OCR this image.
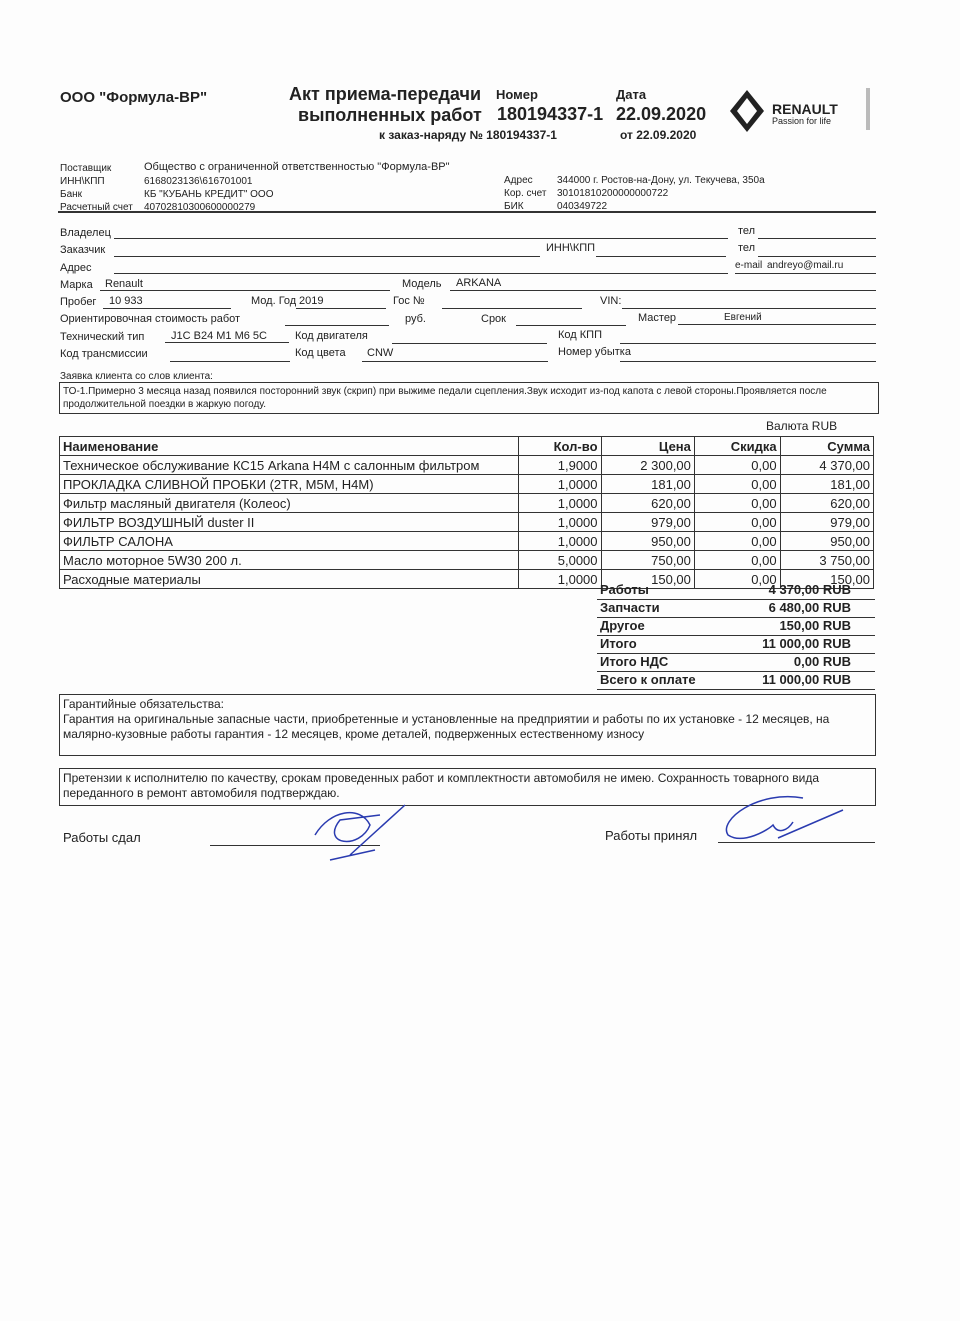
ООО "Формула-ВР"	Акт приема-передачи
выполненных работ
Номер
180194337-1
Дата
22.09.2020
к заказ-наряду № 180194337-1	от 22.09.2020
RENAULT
Passion for life
Поставщик	Общество с ограниченной ответственностью "Формула-ВР"
ИНН\КПП	6168023136\616701001
Банк	КБ "КУБАНЬ КРЕДИТ" ООО
Расчетный счет 40702810300600000279
Адрес 344000 г. Ростов-на-Дону, ул. Текучева, 350а
Кор. счет 30101810200000000722
БИК	040349722
Владелец	тел
Заказчик	ИНН\КПП	тел
Адрес	e-mail andreyo@mail.ru
Марка Renault	Модель ARKANA
Пробег 10 933	Мод. Год 2019	Гос №	VIN:
Ориентировочная стоимость работ	руб.	Срок	Мастер	Евгений
Технический тип J1C B24 M1 M6 5C	Код двигателя	Код КПП
Код трансмиссии	Код цвета CNW	Номер убытка
Заявка клиента со слов клиента:
ТО-1.Примерно 3 месяца назад появился посторонний звук (скрип) при выжиме педали сцепления.Звук исходит из-под капота с левой стороны.Проявляется после продолжительной поездки в жаркую погоду.
Валюта RUB
Наименование	Кол-во	Цена	Скидка	Сумма
Техническое обслуживание КС15 Arkana H4M с салонным фильтром	1,9000	2 300,00	0,00	4 370,00
ПРОКЛАДКА СЛИВНОЙ ПРОБКИ (2TR, M5M, H4M)	1,0000	181,00	0,00	181,00
Фильтр масляный двигателя (Колеос)	1,0000	620,00	0,00	620,00
ФИЛЬТР ВОЗДУШНЫЙ duster II	1,0000	979,00	0,00	979,00
ФИЛЬТР САЛОНА	1,0000	950,00	0,00	950,00
Масло моторное 5W30 200 л.	5,0000	750,00	0,00	3 750,00
Расходные материалы	1,0000	150,00	0,00	150,00
Работы	4 370,00 RUB
Запчасти	6 480,00 RUB
Другое	150,00 RUB
Итого	11 000,00 RUB
Итого НДС	0,00 RUB
Всего к оплате	11 000,00 RUB
Гарантийные обязательства:
Гарантия на оригинальные запасные части, приобретенные и установленные на предприятии и работы по их установке - 12 месяцев, на малярно-кузовные работы гарантия - 12 месяцев, кроме деталей, подверженных естественному износу
Претензии к исполнителю по качеству, срокам проведенных работ и комплектности автомобиля не имею. Сохранность товарного вида переданного в ремонт автомобиля подтверждаю.
Работы сдал	Работы принял
